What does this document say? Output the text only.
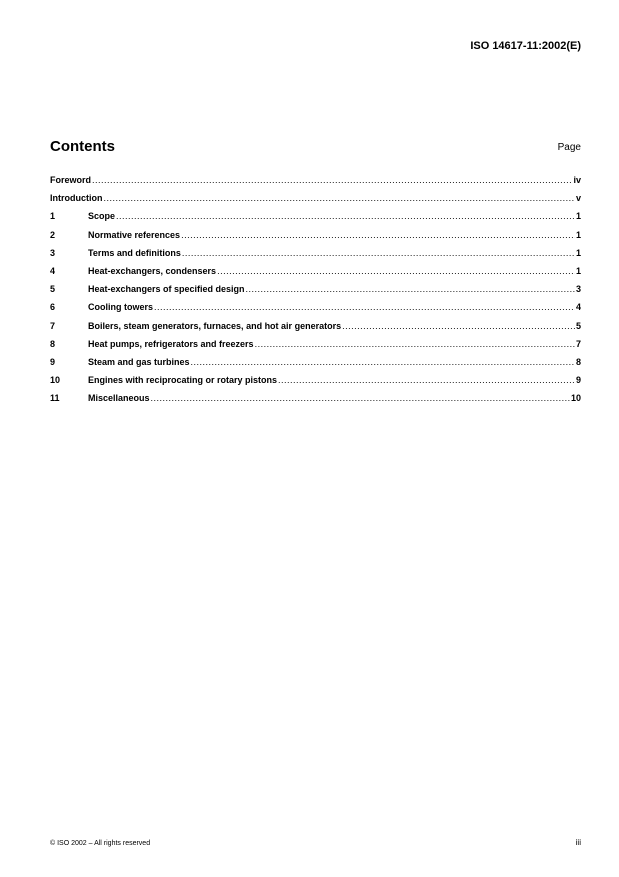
ISO 14617-11:2002(E)
Contents	Page
Foreword .....	iv
Introduction .....	v
1	Scope .....	1
2	Normative references .....	1
3	Terms and definitions .....	1
4	Heat-exchangers, condensers .....	1
5	Heat-exchangers of specified design .....	3
6	Cooling towers .....	4
7	Boilers, steam generators, furnaces, and hot air generators .....	5
8	Heat pumps, refrigerators and freezers .....	7
9	Steam and gas turbines .....	8
10	Engines with reciprocating or rotary pistons .....	9
11	Miscellaneous .....	10
© ISO 2002 – All rights reserved	iii
